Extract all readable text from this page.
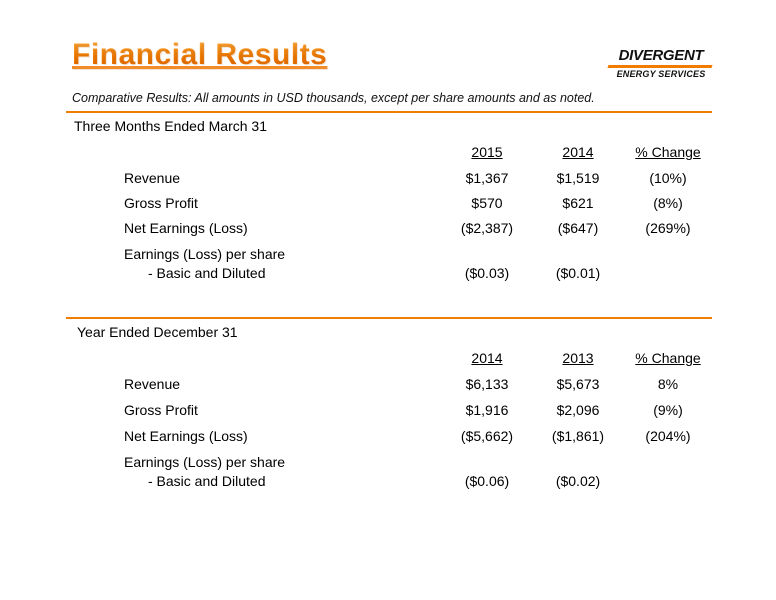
Financial Results	DIVERGENT
ENERGY SERVICES
Comparative Results: All amounts in USD thousands, except per share amounts and as noted.
Three Months Ended March 31
2015	2014	% Change
Revenue	$1,367	$1,519	(10%)
Gross Profit	$570	$621	(8%)
Net Earnings (Loss)	($2,387)	($647)	(269%)
Earnings (Loss) per share
- Basic and Diluted	($0.03)	($0.01)
Year Ended December 31
2014	2013	% Change
Revenue	$6,133	$5,673	8%
Gross Profit	$1,916	$2,096	(9%)
Net Earnings (Loss)	($5,662)	($1,861)	(204%)
Earnings (Loss) per share
- Basic and Diluted	($0.06)	($0.02)
